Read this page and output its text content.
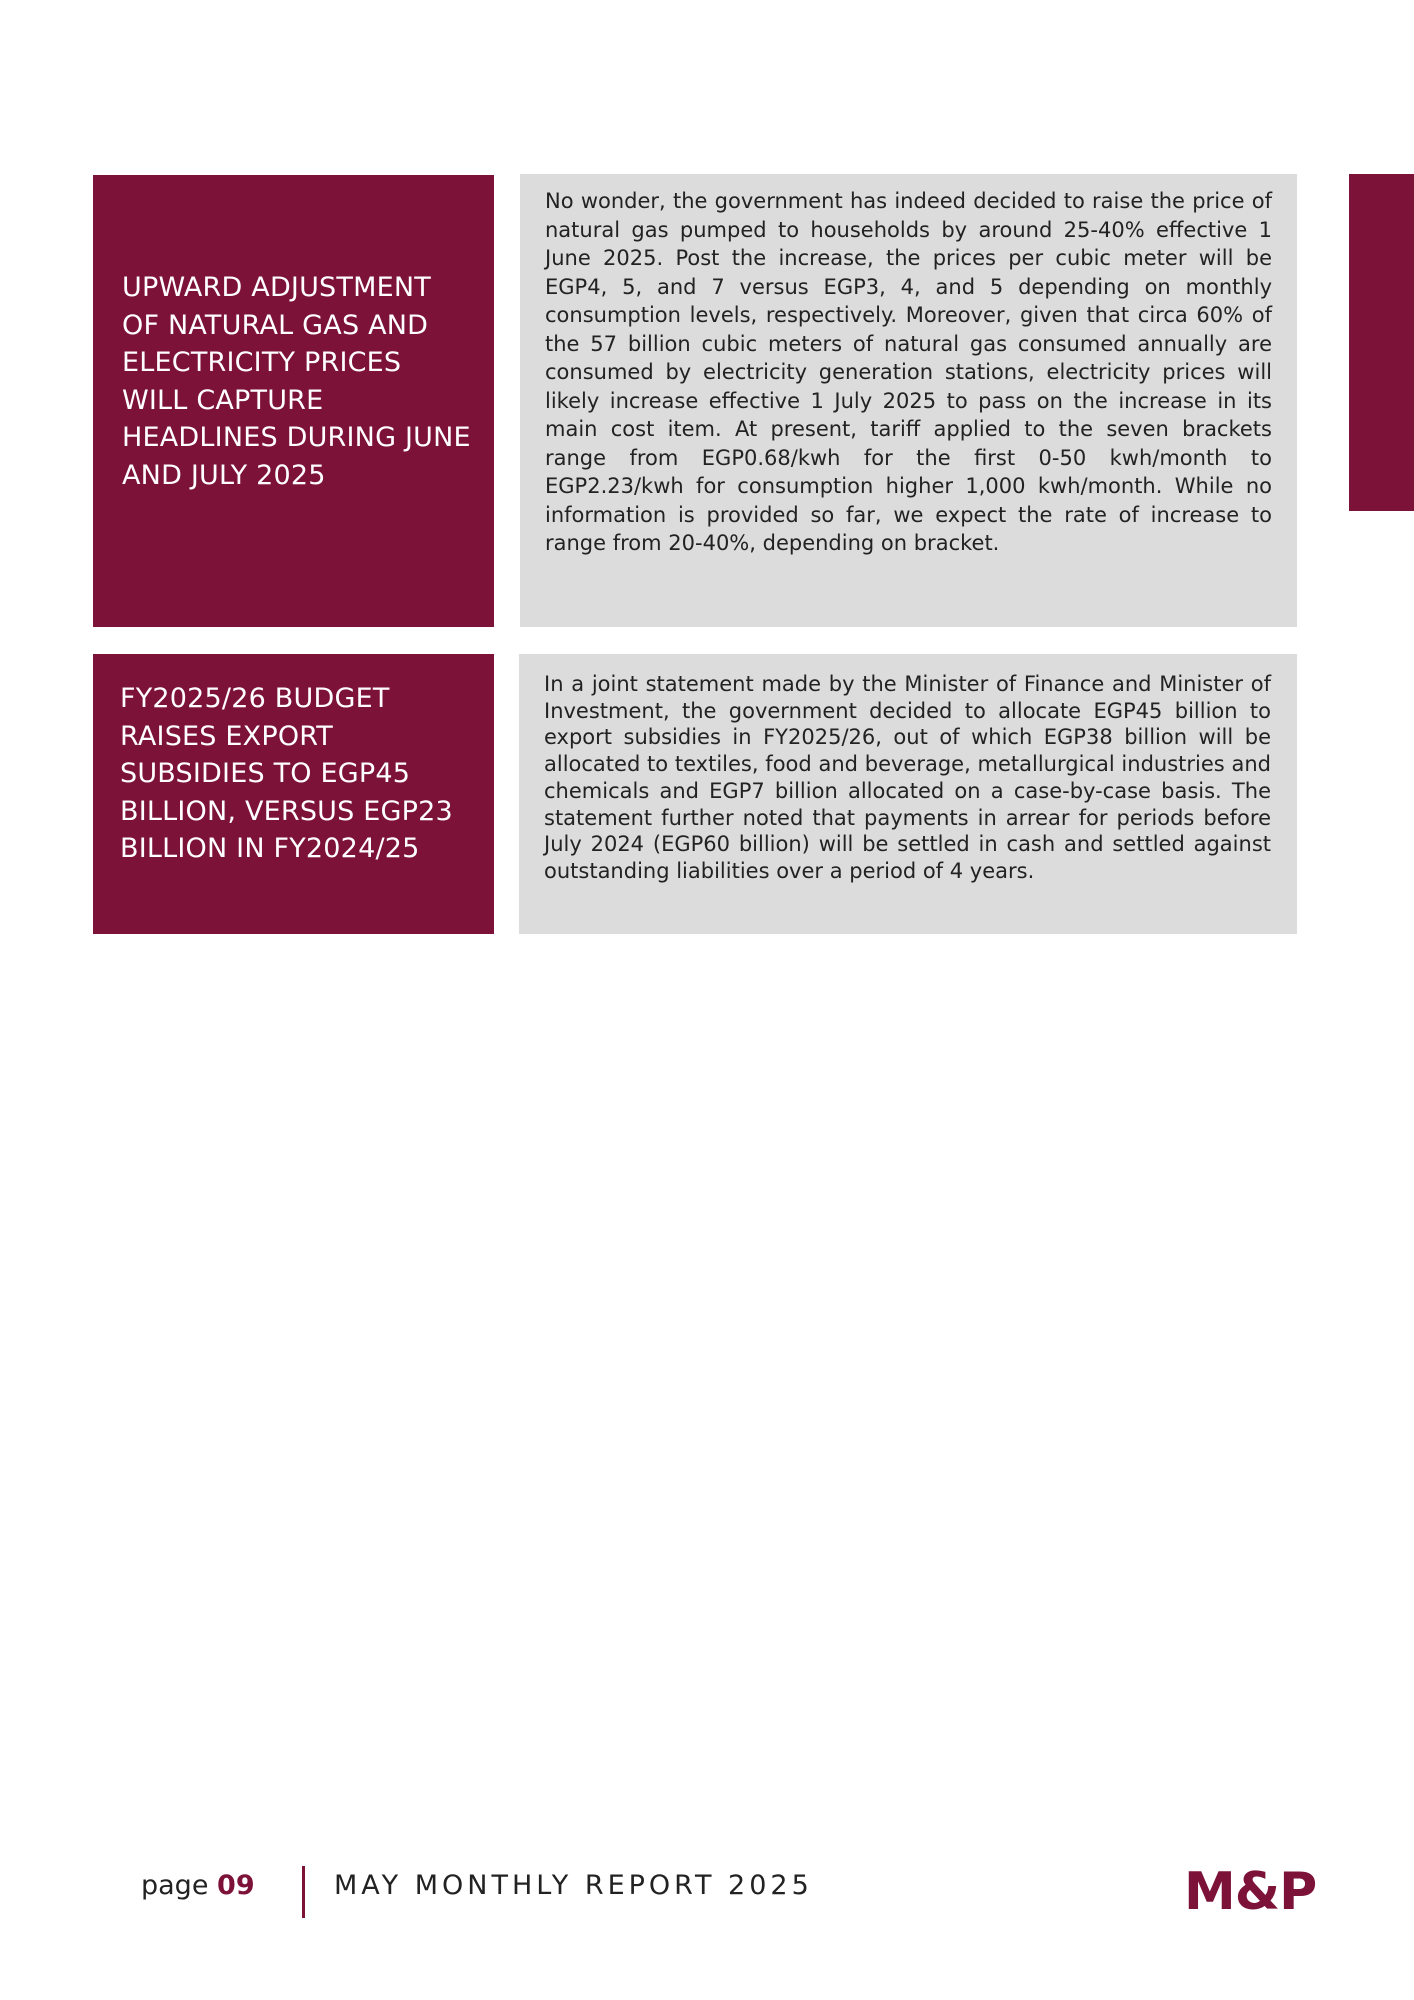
UPWARD ADJUSTMENT OF NATURAL GAS AND ELECTRICITY PRICES WILL CAPTURE HEADLINES DURING JUNE AND JULY 2025
No wonder, the government has indeed decided to raise the price of natural gas pumped to households by around 25-40% effective 1 June 2025. Post the increase, the prices per cubic meter will be EGP4, 5, and 7 versus EGP3, 4, and 5 depending on monthly consumption levels, respectively. Moreover, given that circa 60% of the 57 billion cubic meters of natural gas consumed annually are consumed by electricity generation stations, electricity prices will likely increase effective 1 July 2025 to pass on the increase in its main cost item. At present, tariff applied to the seven brackets range from EGP0.68/kwh for the first 0-50 kwh/month to EGP2.23/kwh for consumption higher 1,000 kwh/month. While no information is provided so far, we expect the rate of increase to range from 20-40%, depending on bracket.
FY2025/26 BUDGET RAISES EXPORT SUBSIDIES TO EGP45 BILLION, VERSUS EGP23 BILLION IN FY2024/25
In a joint statement made by the Minister of Finance and Minister of Investment, the government decided to allocate EGP45 billion to export subsidies in FY2025/26, out of which EGP38 billion will be allocated to textiles, food and beverage, metallurgical industries and chemicals and EGP7 billion allocated on a case-by-case basis. The statement further noted that payments in arrear for periods before July 2024 (EGP60 billion) will be settled in cash and settled against outstanding liabilities over a period of 4 years.
page 09	MAY MONTHLY REPORT 2025	M&P
